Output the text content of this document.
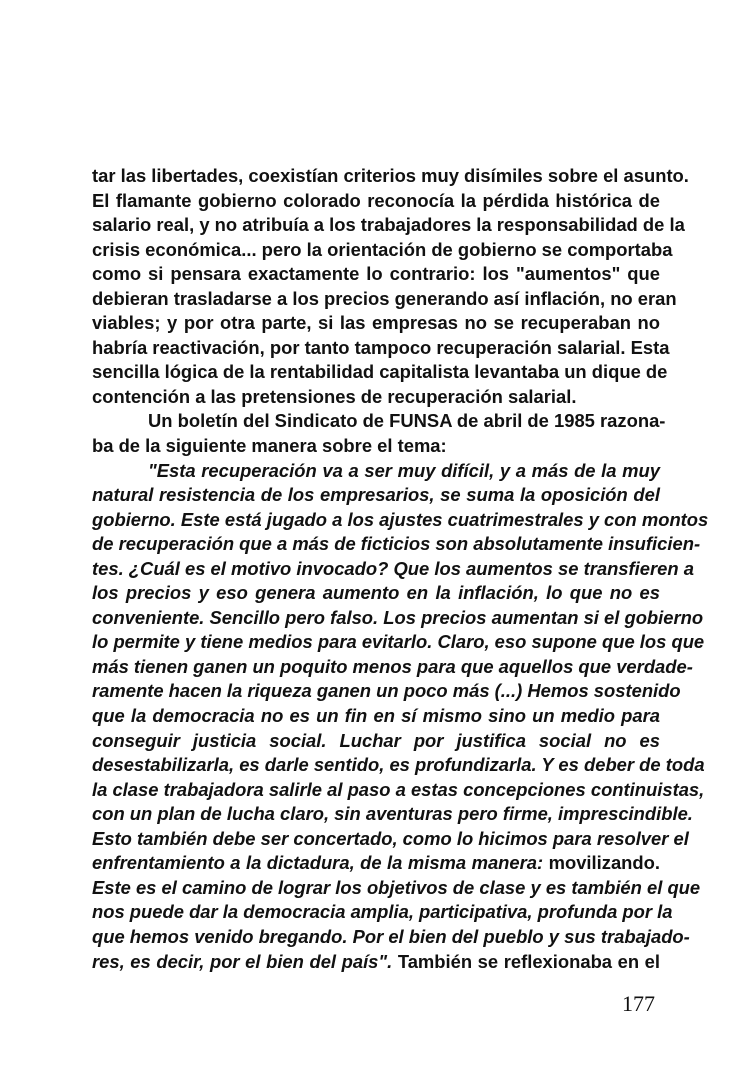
tar las libertades, coexistían criterios muy disímiles sobre el asunto.
El flamante gobierno colorado reconocía la pérdida histórica de
salario real, y no atribuía a los trabajadores la responsabilidad de la
crisis económica... pero la orientación de gobierno se comportaba
como si pensara exactamente lo contrario: los "aumentos" que
debieran trasladarse a los precios generando así inflación, no eran
viables; y por otra parte, si las empresas no se recuperaban no
habría reactivación, por tanto tampoco recuperación salarial. Esta
sencilla lógica de la rentabilidad capitalista levantaba un dique de
contención a las pretensiones de recuperación salarial.
Un boletín del Sindicato de FUNSA de abril de 1985 razona-
ba de la siguiente manera sobre el tema:
"Esta recuperación va a ser muy difícil, y a más de la muy
natural resistencia de los empresarios, se suma la oposición del
gobierno. Este está jugado a los ajustes cuatrimestrales y con montos
de recuperación que a más de ficticios son absolutamente insuficien-
tes. ¿Cuál es el motivo invocado? Que los aumentos se transfieren a
los precios y eso genera aumento en la inflación, lo que no es
conveniente. Sencillo pero falso. Los precios aumentan si el gobierno
lo permite y tiene medios para evitarlo. Claro, eso supone que los que
más tienen ganen un poquito menos para que aquellos que verdade-
ramente hacen la riqueza ganen un poco más (...) Hemos sostenido
que la democracia no es un fin en sí mismo sino un medio para
conseguir justicia social. Luchar por justifica social no es
desestabilizarla, es darle sentido, es profundizarla. Y es deber de toda
la clase trabajadora salirle al paso a estas concepciones continuistas,
con un plan de lucha claro, sin aventuras pero firme, imprescindible.
Esto también debe ser concertado, como lo hicimos para resolver el
enfrentamiento a la dictadura, de la misma manera: movilizando.
Este es el camino de lograr los objetivos de clase y es también el que
nos puede dar la democracia amplia, participativa, profunda por la
que hemos venido bregando. Por el bien del pueblo y sus trabajado-
res, es decir, por el bien del país". También se reflexionaba en el
177
